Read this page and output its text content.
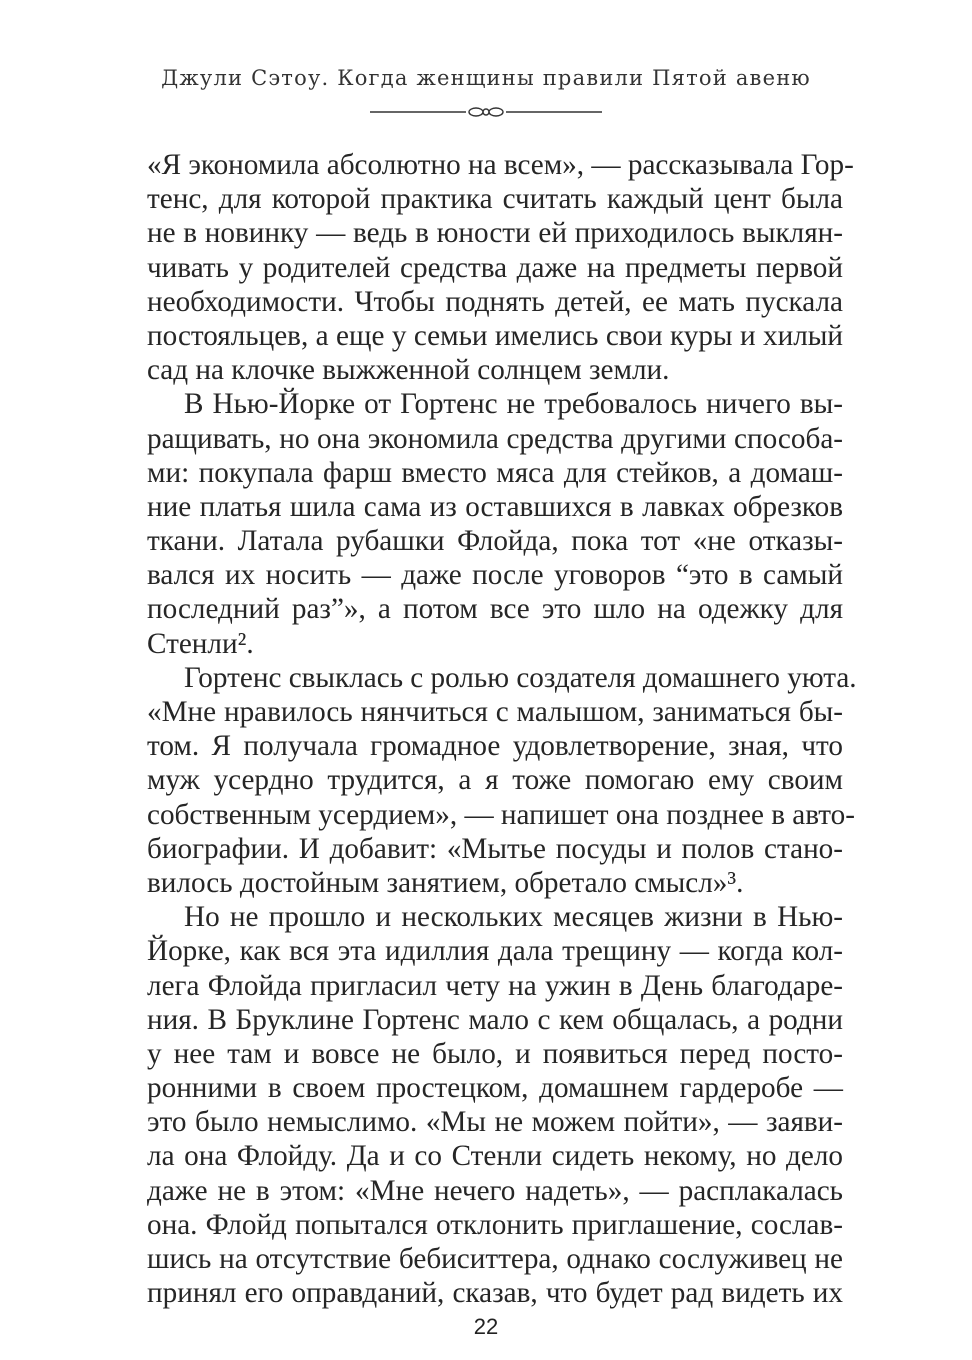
Джули Сэтоу. Когда женщины правили Пятой авеню
«Я экономила абсолютно на всем», — рассказывала Гор-
тенс, для которой практика считать каждый цент была
не в новинку — ведь в юности ей приходилось выклян-
чивать у родителей средства даже на предметы первой
необходимости. Чтобы поднять детей, ее мать пускала
постояльцев, а еще у семьи имелись свои куры и хилый
сад на клочке выжженной солнцем земли.
В Нью-Йорке от Гортенс не требовалось ничего вы-
ращивать, но она экономила средства другими способа-
ми: покупала фарш вместо мяса для стейков, а домаш-
ние платья шила сама из оставшихся в лавках обрезков
ткани. Латала рубашки Флойда, пока тот «не отказы-
вался их носить — даже после уговоров “это в самый
последний раз”», а потом все это шло на одежку для
Стенли².
Гортенс свыклась с ролью создателя домашнего уюта.
«Мне нравилось нянчиться с малышом, заниматься бы-
том. Я получала громадное удовлетворение, зная, что
муж усердно трудится, а я тоже помогаю ему своим
собственным усердием», — напишет она позднее в авто-
биографии. И добавит: «Мытье посуды и полов стано-
вилось достойным занятием, обретало смысл»³.
Но не прошло и нескольких месяцев жизни в Нью-
Йорке, как вся эта идиллия дала трещину — когда кол-
лега Флойда пригласил чету на ужин в День благодаре-
ния. В Бруклине Гортенс мало с кем общалась, а родни
у нее там и вовсе не было, и появиться перед посто-
ронними в своем простецком, домашнем гардеробе —
это было немыслимо. «Мы не можем пойти», — заяви-
ла она Флойду. Да и со Стенли сидеть некому, но дело
даже не в этом: «Мне нечего надеть», — расплакалась
она. Флойд попытался отклонить приглашение, сослав-
шись на отсутствие бебиситтера, однако сослуживец не
принял его оправданий, сказав, что будет рад видеть их
22
